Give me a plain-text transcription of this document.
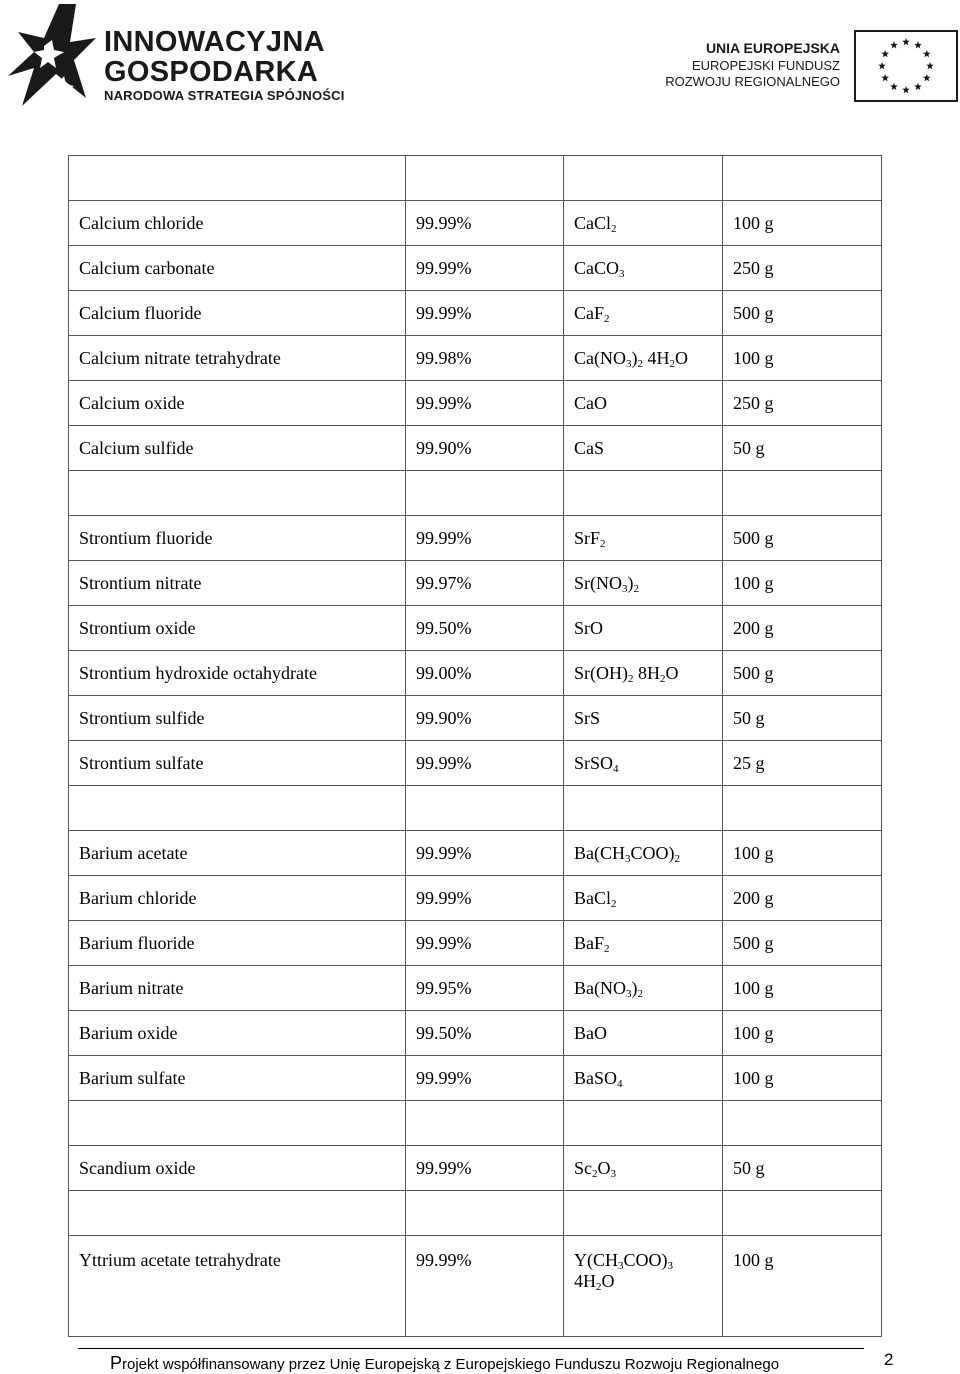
INNOWACYJNA
GOSPODARKA
NARODOWA STRATEGIA SPÓJNOŚCI
UNIA EUROPEJSKA
EUROPEJSKI FUNDUSZ
ROZWOJU REGIONALNEGO

Calcium chloride	99.99%	CaCl$_2$	100 g
Calcium carbonate	99.99%	CaCO$_3$	250 g
Calcium fluoride	99.99%	CaF$_2$	500 g
Calcium nitrate tetrahydrate	99.98%	$Ca(NO_3)_2$ $4H_2O$	100 g
Calcium oxide	99.99%	CaO	250 g
Calcium sulfide	99.90%	CaS	50 g

Strontium fluoride	99.99%	SrF$_2$	500 g
Strontium nitrate	99.97%	$Sr(NO_3)_2$	100 g
Strontium oxide	99.50%	SrO	200 g
Strontium hydroxide octahydrate	99.00%	$Sr(OH)_2$ $8H_2O$	500 g
Strontium sulfide	99.90%	SrS	50 g
Strontium sulfate	99.99%	SrSO$_4$	25 g

Barium acetate	99.99%	$Ba(CH_3COO)_2$	100 g
Barium chloride	99.99%	BaCl$_2$	200 g
Barium fluoride	99.99%	BaF$_2$	500 g
Barium nitrate	99.95%	$Ba(NO_3)_2$	100 g
Barium oxide	99.50%	BaO	100 g
Barium sulfate	99.99%	BaSO$_4$	100 g

Scandium oxide	99.99%	$Sc_2O_3$	50 g

Yttrium acetate tetrahydrate	99.99%	$Y(CH_3COO)_3$ $4H_2O$	100 g
Projekt współfinansowany przez Unię Europejską z Europejskiego Funduszu Rozwoju Regionalnego	2
